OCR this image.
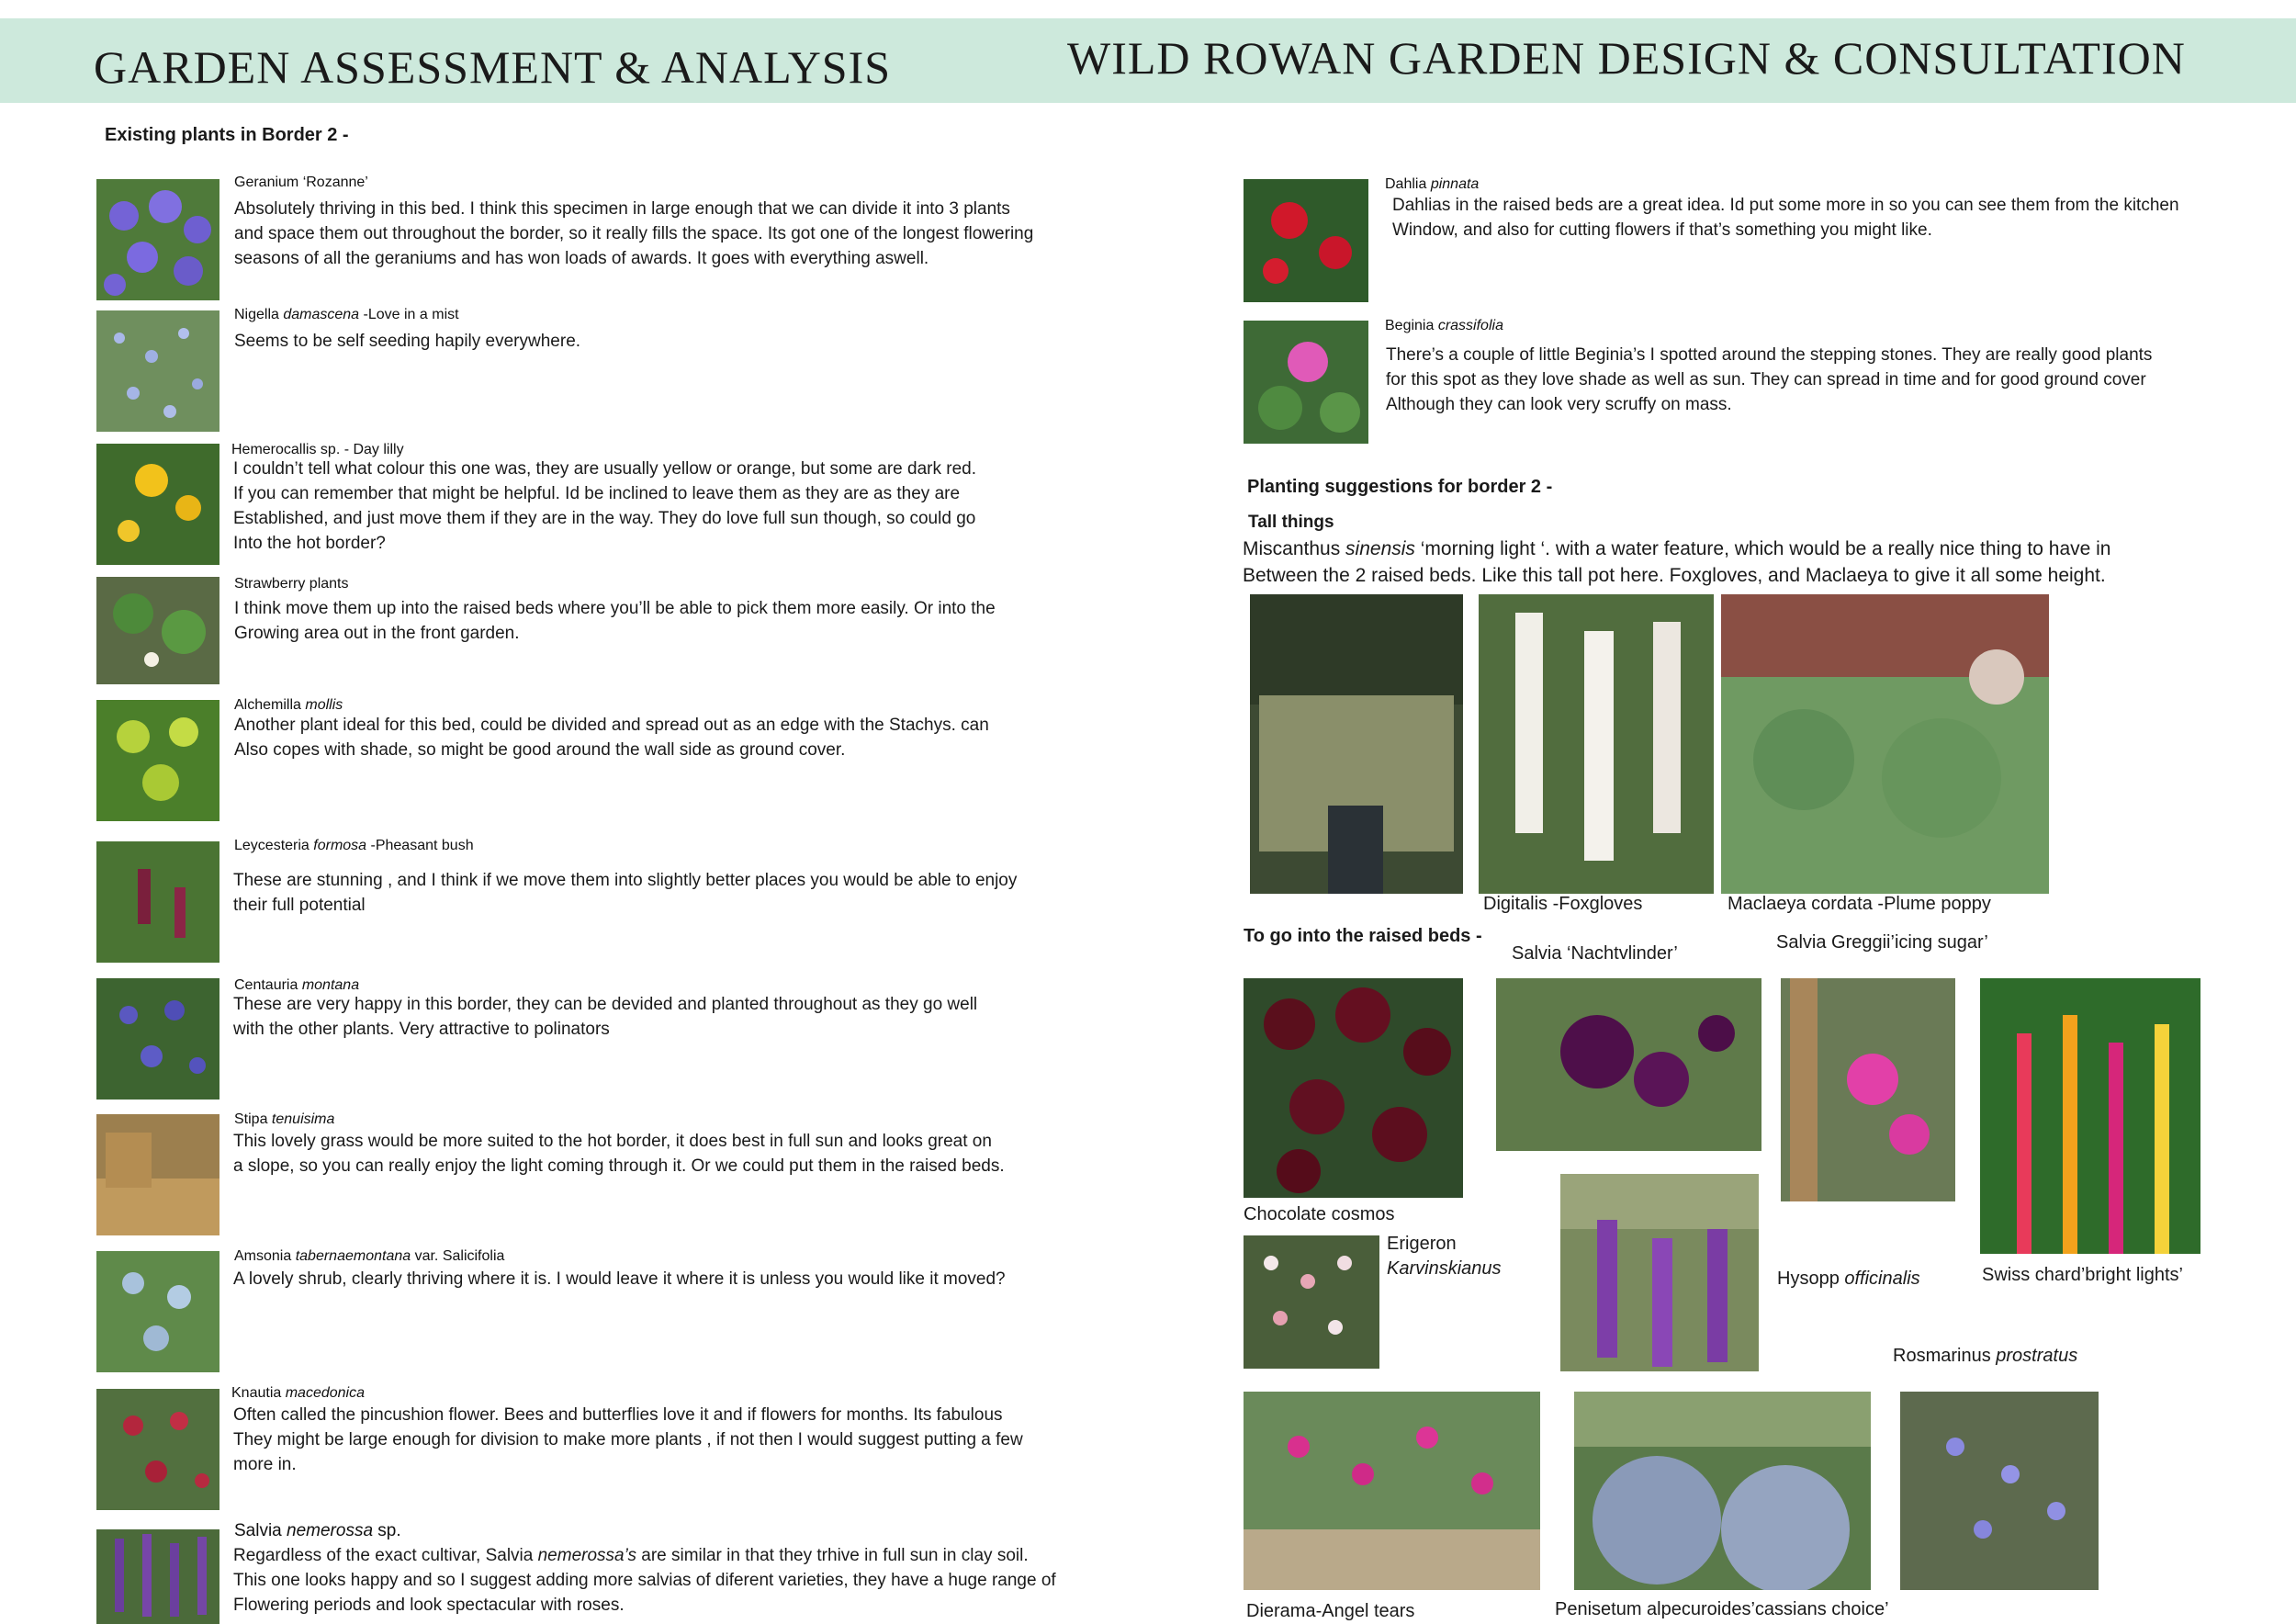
GARDEN ASSESSMENT & ANALYSIS	WILD ROWAN GARDEN DESIGN & CONSULTATION
Existing plants in Border 2 -
Geranium ‘Rozanne’
Absolutely thriving in this bed. I think this specimen in large enough that we can divide it into 3 plants
and space them out throughout the border, so it really fills the space. Its got one of the longest flowering
seasons of all the geraniums and has won loads of awards. It goes with everything aswell.
Nigella damascena -Love in a mist
Seems to be self seeding hapily everywhere.
Hemerocallis sp. - Day lilly
I couldn’t tell what colour this one was, they are usually yellow or orange, but some are dark red.
If you can remember that might be helpful. Id be inclined to leave them as they are as they are
Established, and just move them if they are in the way. They do love full sun though, so could go
Into the hot border?
Strawberry plants
I think move them up into the raised beds where you’ll be able to pick them more easily. Or into the
Growing area out in the front garden.
Alchemilla mollis
Another plant ideal for this bed, could be divided and spread out as an edge with the Stachys. can
Also copes with shade, so might be good around the wall side as ground cover.
Leycesteria formosa -Pheasant bush
These are stunning , and I think if we move them into slightly better places you would be able to enjoy
their full potential
Centauria montana
These are very happy in this border, they can be devided and planted throughout as they go well
with the other plants. Very attractive to polinators
Stipa tenuisima
This lovely grass would be more suited to the hot border, it does best in full sun and looks great on
a slope, so you can really enjoy the light coming through it. Or we could put them in the raised beds.
Amsonia tabernaemontana var. Salicifolia
A lovely shrub, clearly thriving where it is. I would leave it where it is unless you would like it moved?
Knautia macedonica
Often called the pincushion flower. Bees and butterflies love it and if flowers for months. Its fabulous
They might be large enough for division to make more plants , if not then I would suggest putting a few
more in.
Salvia nemerossa sp.
Regardless of the exact cultivar, Salvia nemerossa’s are similar in that they trhive in full sun in clay soil.
This one looks happy and so I suggest adding more salvias of diferent varieties, they have a huge range of
Flowering periods and look spectacular with roses.
Dahlia pinnata
Dahlias in the raised beds are a great idea. Id put some more in so you can see them from the kitchen
Window, and also for cutting flowers if that’s something you might like.
Beginia crassifolia
There’s a couple of little Beginia’s I spotted around the stepping stones. They are really good plants
for this spot as they love shade as well as sun. They can spread in time and for good ground cover
Although they can look very scruffy on mass.
Planting suggestions for border 2 -
Tall things
Miscanthus sinensis ‘morning light ‘. with a water feature, which would be a really nice thing to have in
Between the 2 raised beds. Like this tall pot here. Foxgloves, and Maclaeya to give it all some height.
Digitalis -Foxgloves	Maclaeya cordata -Plume poppy
To go into the raised beds -
Salvia ‘Nachtvlinder’
Salvia Greggii’icing sugar’
Chocolate cosmos
Erigeron
Karvinskianus	Hysopp officinalis	Swiss chard’bright lights’
Rosmarinus prostratus
Dierama-Angel tears	Penisetum alpecuroides’cassians choice’
